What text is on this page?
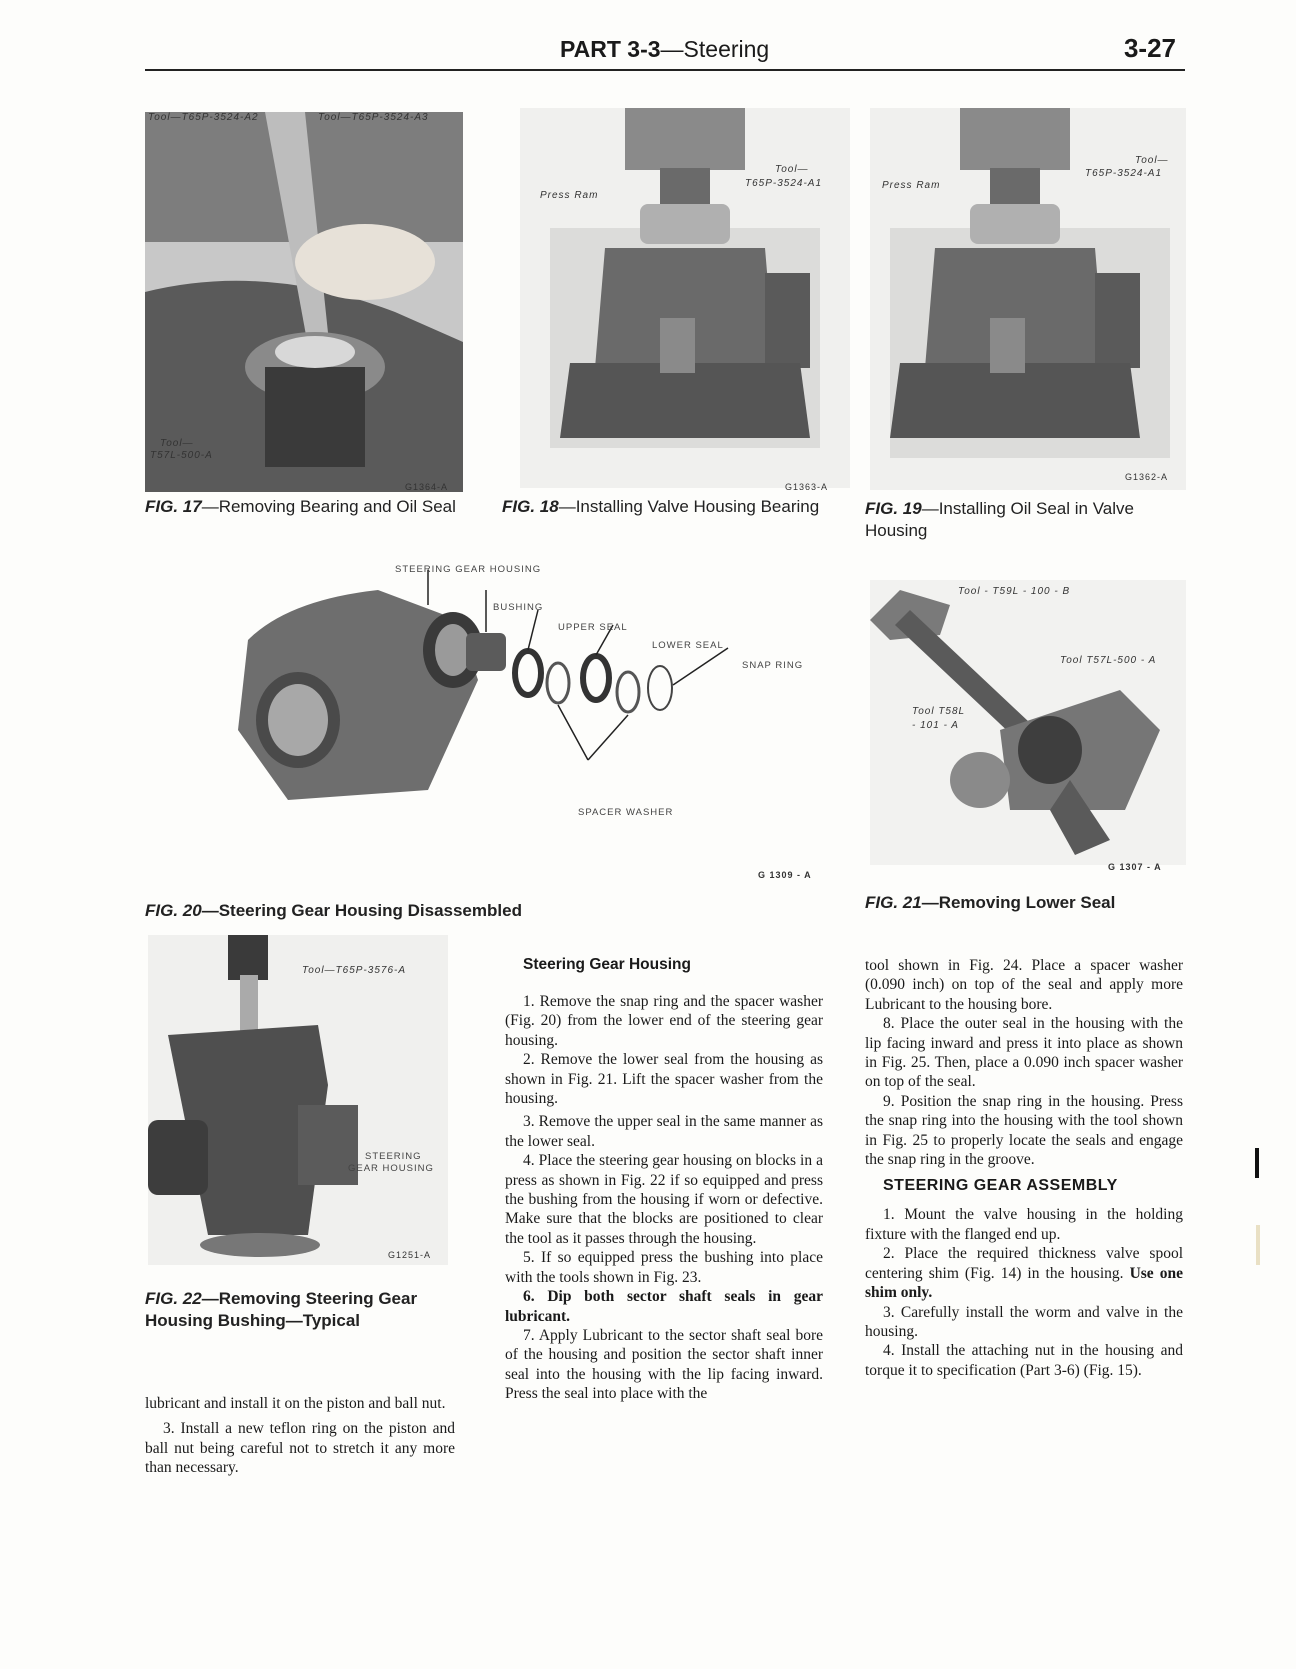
PART 3-3—Steering	3-27
Tool—T65P-3524-A2	Tool—T65P-3524-A3
Tool—
T57L-500-A
G1364-A
FIG. 17—Removing Bearing and Oil Seal
Press Ram
Tool—
T65P-3524-A1
G1363-A
FIG. 18—Installing Valve Housing Bearing
Press Ram
Tool—
T65P-3524-A1
G1362-A
FIG. 19—Installing Oil Seal in Valve Housing
STEERING GEAR HOUSING
BUSHING
UPPER SEAL
LOWER SEAL
SNAP RING
SPACER WASHER
G 1309 - A
FIG. 20—Steering Gear Housing Disassembled
Tool - T59L - 100 - B
Tool T57L-500 - A
Tool T58L
- 101 - A
G 1307 - A
FIG. 21—Removing Lower Seal
Tool—T65P-3576-A
STEERING
GEAR HOUSING
G1251-A
FIG. 22—Removing Steering Gear Housing Bushing—Typical

lubricant and install it on the piston and ball nut.

3. Install a new teflon ring on the piston and ball nut being careful not to stretch it any more than necessary.

Steering Gear Housing

1. Remove the snap ring and the spacer washer (Fig. 20) from the lower end of the steering gear housing.

2. Remove the lower seal from the housing as shown in Fig. 21. Lift the spacer washer from the housing.

3. Remove the upper seal in the same manner as the lower seal.

4. Place the steering gear housing on blocks in a press as shown in Fig. 22 if so equipped and press the bushing from the housing if worn or defective. Make sure that the blocks are positioned to clear the tool as it passes through the housing.

5. If so equipped press the bushing into place with the tools shown in Fig. 23.

6. Dip both sector shaft seals in gear lubricant.

7. Apply Lubricant to the sector shaft seal bore of the housing and position the sector shaft inner seal into the housing with the lip facing inward. Press the seal into place with the

tool shown in Fig. 24. Place a spacer washer (0.090 inch) on top of the seal and apply more Lubricant to the housing bore.

8. Place the outer seal in the housing with the lip facing inward and press it into place as shown in Fig. 25. Then, place a 0.090 inch spacer washer on top of the seal.

9. Position the snap ring in the housing. Press the snap ring into the housing with the tool shown in Fig. 25 to properly locate the seals and engage the snap ring in the groove.

STEERING GEAR ASSEMBLY

1. Mount the valve housing in the holding fixture with the flanged end up.

2. Place the required thickness valve spool centering shim (Fig. 14) in the housing. Use one shim only.

3. Carefully install the worm and valve in the housing.

4. Install the attaching nut in the housing and torque it to specification (Part 3-6) (Fig. 15).
